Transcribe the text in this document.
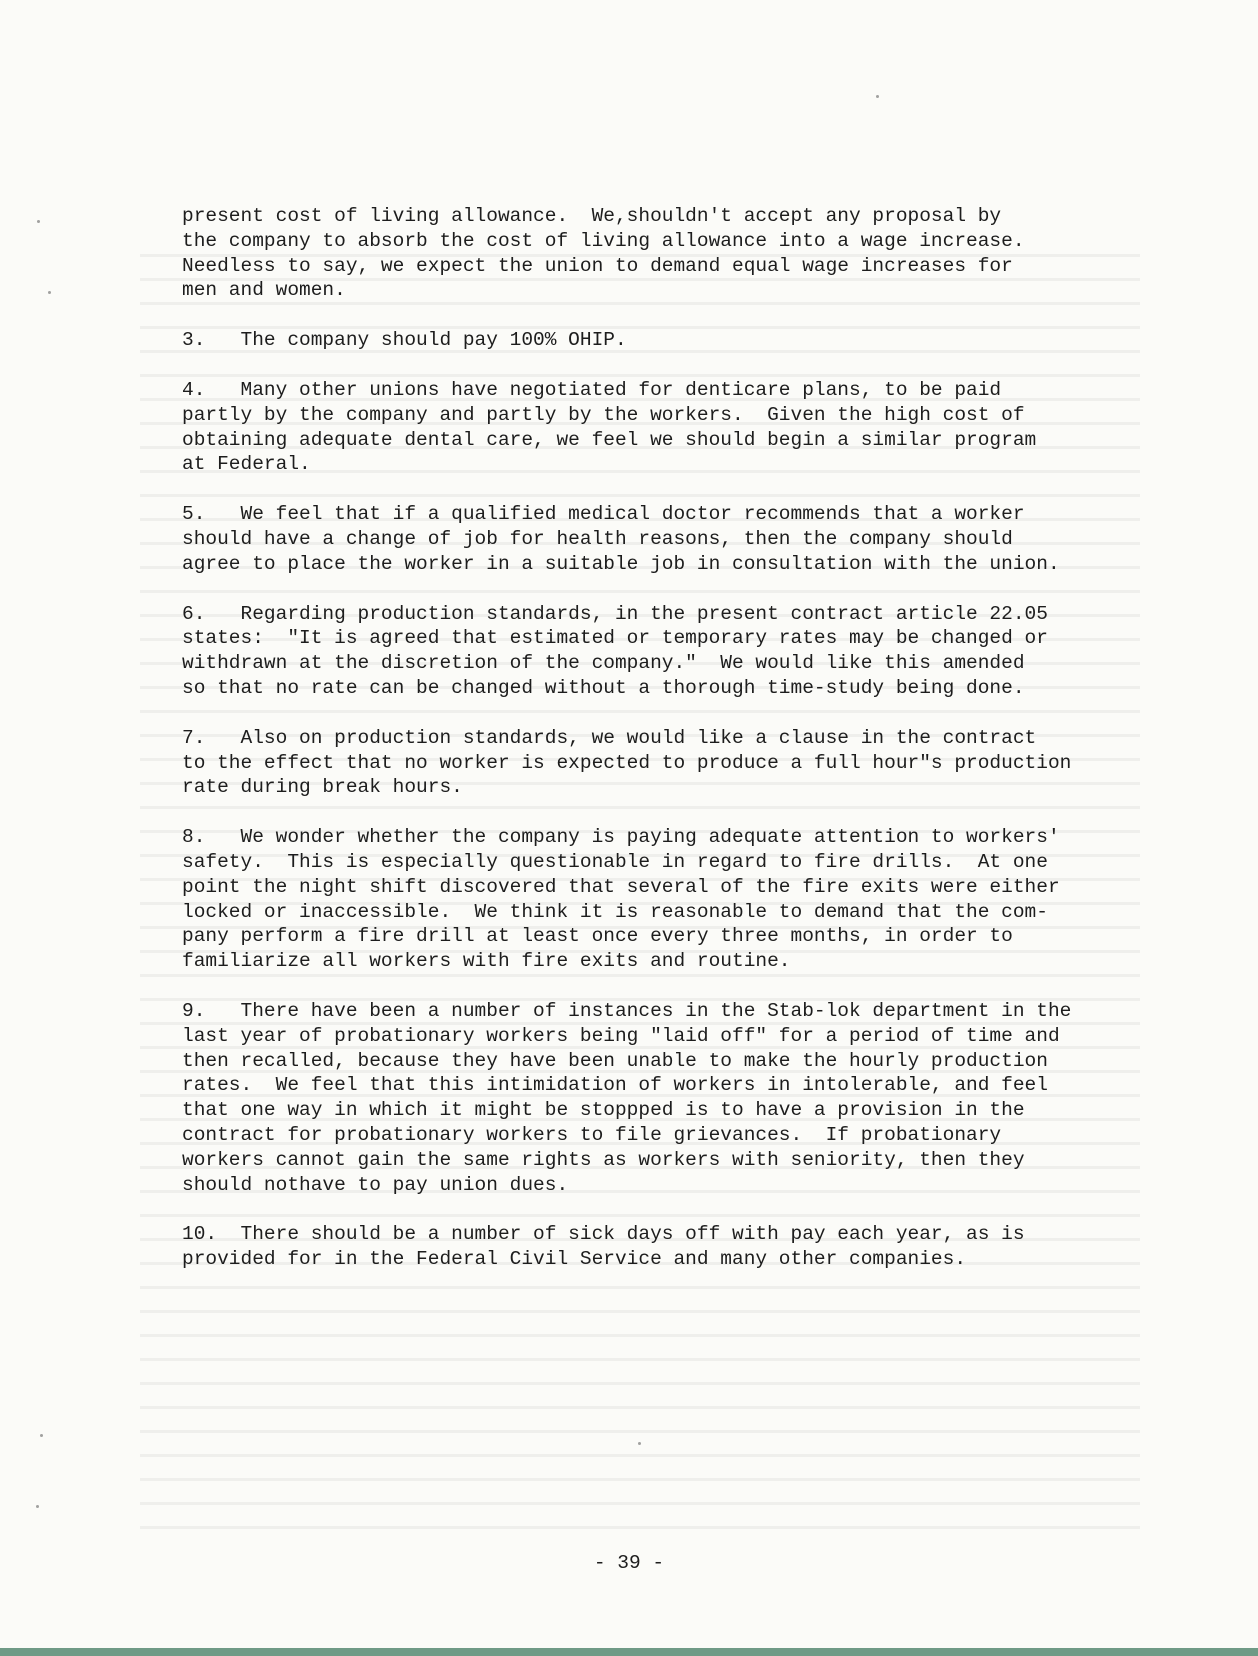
present cost of living allowance.  We,shouldn't accept any proposal by
the company to absorb the cost of living allowance into a wage increase.
Needless to say, we expect the union to demand equal wage increases for
men and women.
3.   The company should pay 100% OHIP.
4.   Many other unions have negotiated for denticare plans, to be paid
partly by the company and partly by the workers.  Given the high cost of
obtaining adequate dental care, we feel we should begin a similar program
at Federal.
5.   We feel that if a qualified medical doctor recommends that a worker
should have a change of job for health reasons, then the company should
agree to place the worker in a suitable job in consultation with the union.
6.   Regarding production standards, in the present contract article 22.05
states:  "It is agreed that estimated or temporary rates may be changed or
withdrawn at the discretion of the company."  We would like this amended
so that no rate can be changed without a thorough time-study being done.
7.   Also on production standards, we would like a clause in the contract
to the effect that no worker is expected to produce a full hour"s production
rate during break hours.
8.   We wonder whether the company is paying adequate attention to workers'
safety.  This is especially questionable in regard to fire drills.  At one
point the night shift discovered that several of the fire exits were either
locked or inaccessible.  We think it is reasonable to demand that the com-
pany perform a fire drill at least once every three months, in order to
familiarize all workers with fire exits and routine.
9.   There have been a number of instances in the Stab-lok department in the
last year of probationary workers being "laid off" for a period of time and
then recalled, because they have been unable to make the hourly production
rates.  We feel that this intimidation of workers in intolerable, and feel
that one way in which it might be stoppped is to have a provision in the
contract for probationary workers to file grievances.  If probationary
workers cannot gain the same rights as workers with seniority, then they
should nothave to pay union dues.
10.  There should be a number of sick days off with pay each year, as is
provided for in the Federal Civil Service and many other companies.
- 39 -
